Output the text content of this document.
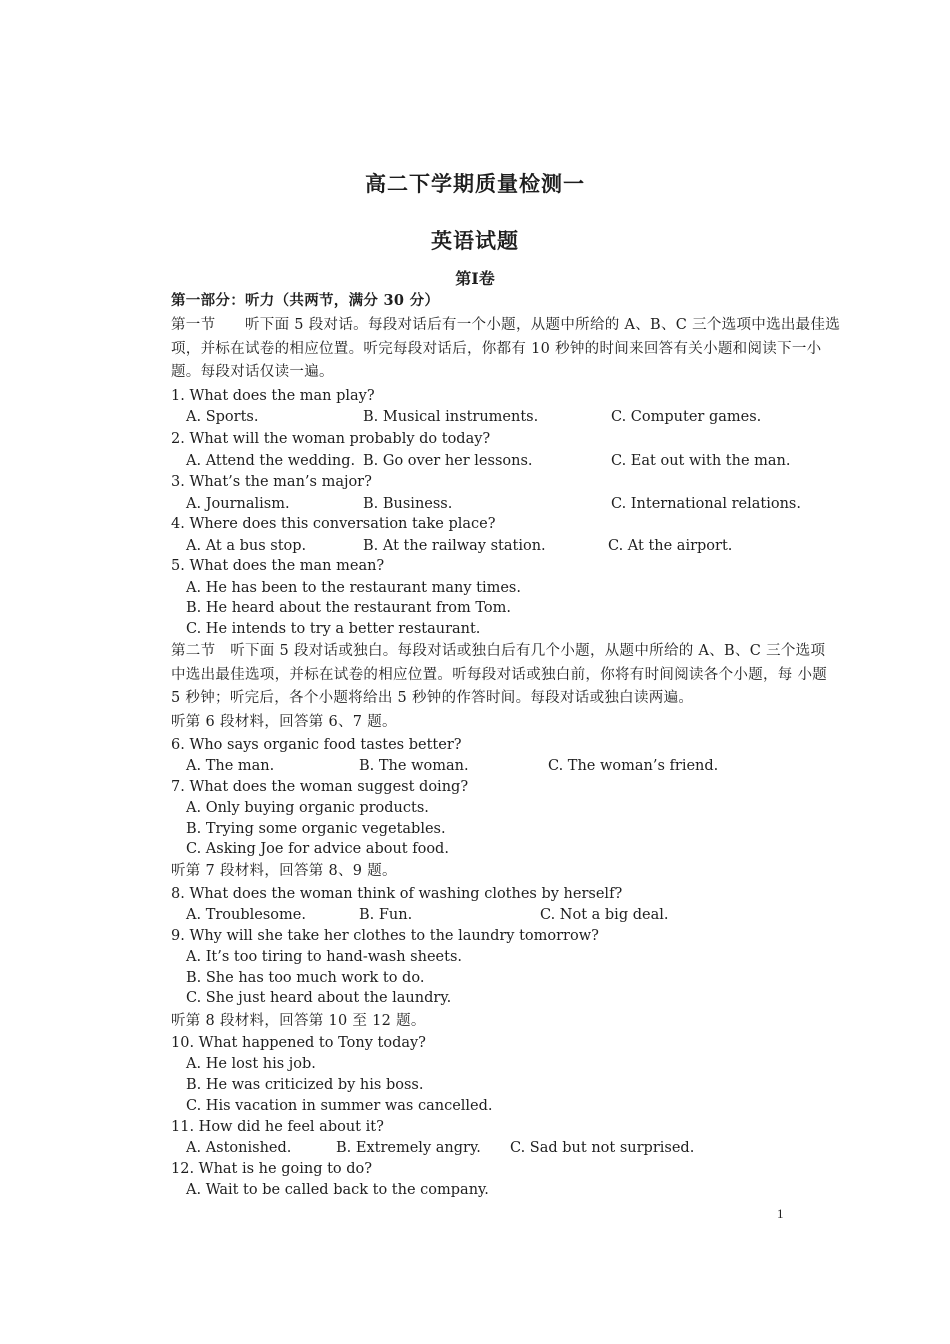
高二下学期质量检测一
英语试题
第I卷
第一部分：听力（共两节，满分 30 分）
第一节　　听下面 5 段对话。每段对话后有一个小题，从题中所给的 A、B、C 三个选项中选出最佳选
项，并标在试卷的相应位置。听完每段对话后，你都有 10 秒钟的时间来回答有关小题和阅读下一小
题。每段对话仅读一遍。
1. What does the man play?
A. Sports.	B. Musical instruments.	C. Computer games.
2. What will the woman probably do today?
A. Attend the wedding. B. Go over her lessons.	C. Eat out with the man.
3. What’s the man’s major?
A. Journalism.	B. Business.	C. International relations.
4. Where does this conversation take place?
A. At a bus stop.	B. At the railway station.	C. At the airport.
5. What does the man mean?
A. He has been to the restaurant many times.
B. He heard about the restaurant from Tom.
C. He intends to try a better restaurant.
第二节　听下面 5 段对话或独白。每段对话或独白后有几个小题，从题中所给的 A、B、C 三个选项
中选出最佳选项，并标在试卷的相应位置。听每段对话或独白前，你将有时间阅读各个小题，每 小题
5 秒钟；听完后，各个小题将给出 5 秒钟的作答时间。每段对话或独白读两遍。
听第 6 段材料，回答第 6、7 题。
6. Who says organic food tastes better?
A. The man.	B. The woman.	C. The woman’s friend.
7. What does the woman suggest doing?
A. Only buying organic products.
B. Trying some organic vegetables.
C. Asking Joe for advice about food.
听第 7 段材料，回答第 8、9 题。
8. What does the woman think of washing clothes by herself?
A. Troublesome.	B. Fun.	C. Not a big deal.
9. Why will she take her clothes to the laundry tomorrow?
A. It’s too tiring to hand-wash sheets.
B. She has too much work to do.
C. She just heard about the laundry.
听第 8 段材料，回答第 10 至 12 题。
10. What happened to Tony today?
A. He lost his job.
B. He was criticized by his boss.
C. His vacation in summer was cancelled.
11. How did he feel about it?
A. Astonished.	B. Extremely angry. C. Sad but not surprised.
12. What is he going to do?
A. Wait to be called back to the company.
1
